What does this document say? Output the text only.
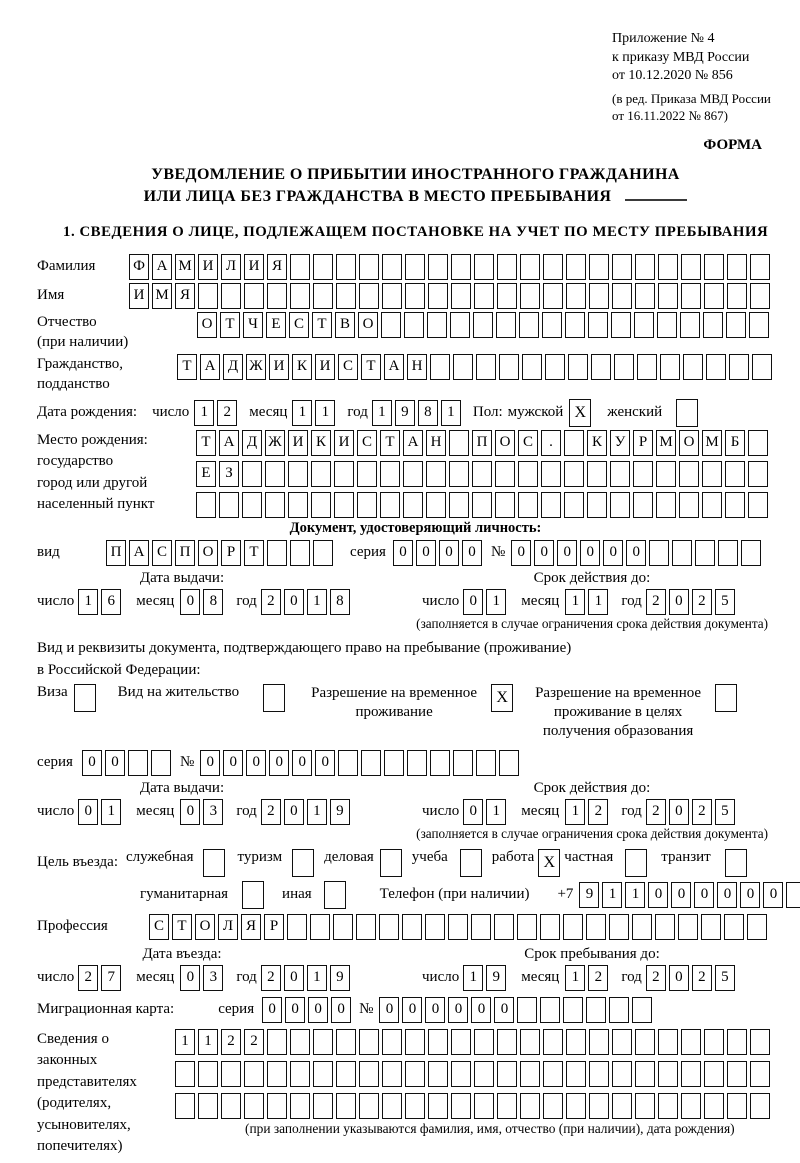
Приложение № 4
к приказу МВД России
от 10.12.2020 № 856
(в ред. Приказа МВД России
от 16.11.2022 № 867)
ФОРМА
УВЕДОМЛЕНИЕ О ПРИБЫТИИ ИНОСТРАННОГО ГРАЖДАНИНА
ИЛИ ЛИЦА БЕЗ ГРАЖДАНСТВА В МЕСТО ПРЕБЫВАНИЯ
1. СВЕДЕНИЯ О ЛИЦЕ, ПОДЛЕЖАЩЕМ ПОСТАНОВКЕ НА УЧЕТ ПО МЕСТУ ПРЕБЫВАНИЯ
Фамилия	Ф А М И Л И Я
Имя	И М Я
Отчество
(при наличии)
О Т Ч Е С Т В О
Гражданство,
подданство
Т А Д Ж И К И С Т А Н
Дата рождения: число 1	2	месяц 1	1	год 1	9	8	1	Пол: мужской X	женский
Место рождения:
государство
город или другой
населенный пункт
Т А Д Ж И К И С Т А Н	П О С	.	К У Р М О М Б
Е З
Документ, удостоверяющий личность:
вид	П А С П О Р Т	серия 0	0	0	0	№ 0	0	0	0	0	0
Дата выдачи:
число 1	6	месяц 0	8	год 2	0	1	8
Срок действия до:
число 0	1	месяц 1	1	год 2	0	2	5
(заполняется в случае ограничения срока действия документа)
Вид и реквизиты документа, подтверждающего право на пребывание (проживание)
в Российской Федерации:
Виза	Вид на жительство	Разрешение на временное
проживание
X	Разрешение на временное
проживание в целях
получения образования
серия	0	0	№ 0	0	0	0	0	0
Дата выдачи:
число 0	1	месяц 0	3	год 2	0	1	9
Срок действия до:
число 0	1	месяц 1	2	год 2	0	2	5
(заполняется в случае ограничения срока действия документа)
Цель въезда: служебная	туризм	деловая	учеба	работа X частная	транзит
гуманитарная	иная	Телефон (при наличии) +7 9	1	1	0	0	0	0	0	0
Профессия	С Т О Л Я Р
Дата въезда:
число 2	7	месяц 0	3	год 2	0	1	9
Срок пребывания до:
число 1	9	месяц 1	2	год 2	0	2	5
Миграционная карта:	серия 0	0	0	0 № 0	0	0	0	0	0
Сведения о
законных
представителях
(родителях,
усыновителях,
попечителях)
1	1	2	2
(при заполнении указываются фамилия, имя, отчество (при наличии), дата рождения)
